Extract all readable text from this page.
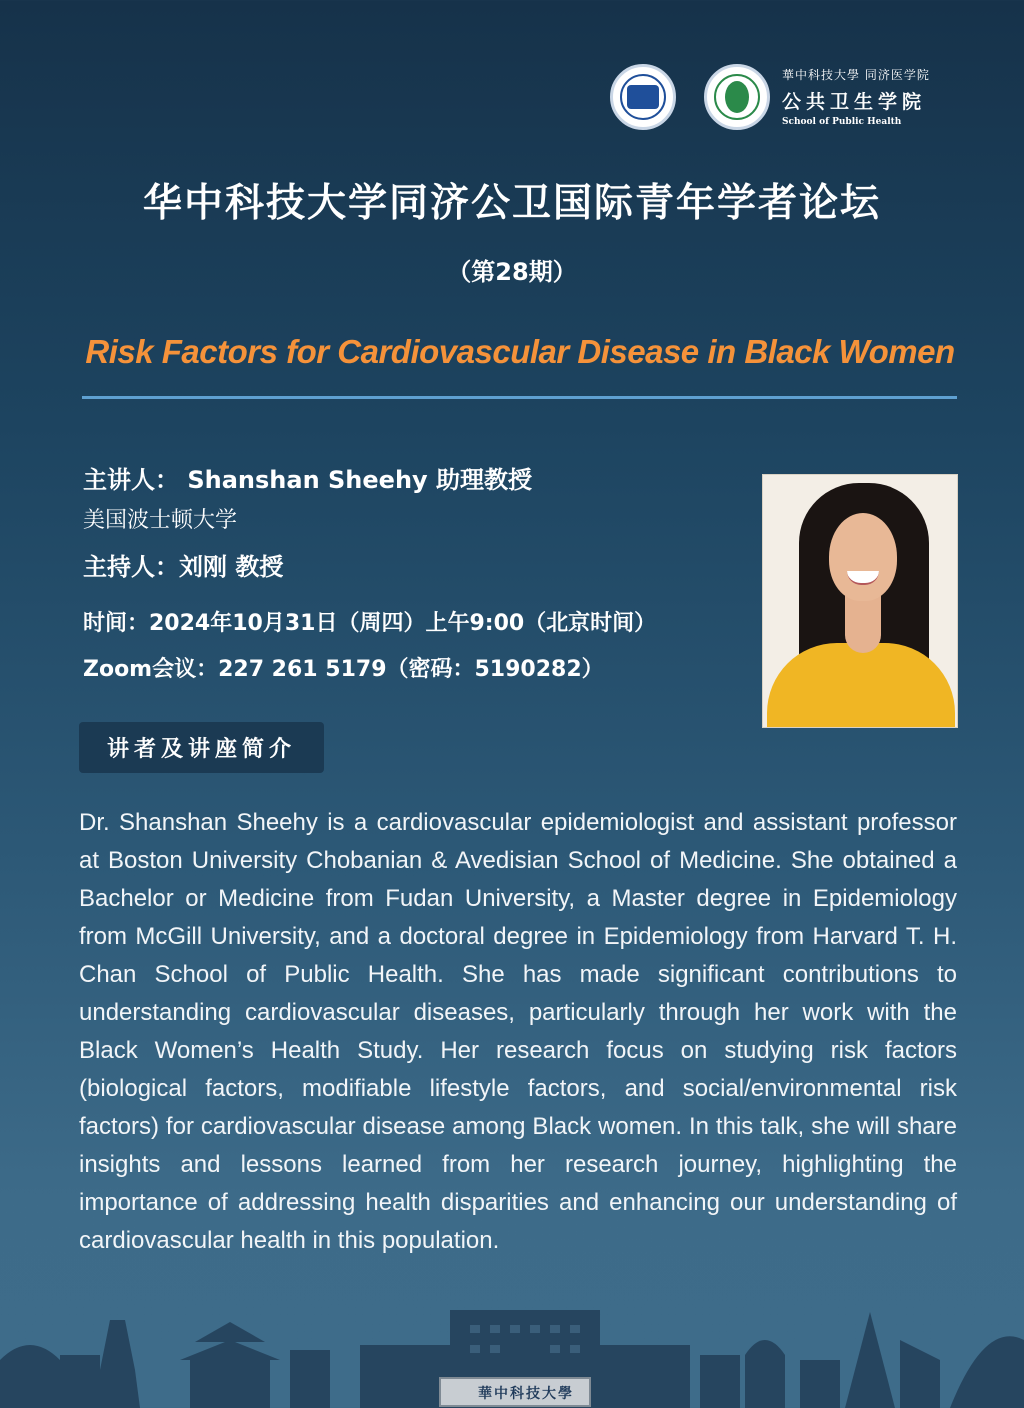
華中科技大學 同济医学院
公共卫生学院
School of Public Health
华中科技大学同济公卫国际青年学者论坛
（第28期）
Risk Factors for Cardiovascular Disease in Black Women
主讲人： Shanshan Sheehy 助理教授
美国波士顿大学
主持人：刘刚 教授
时间：2024年10月31日（周四）上午9:00（北京时间）
Zoom会议：227 261 5179（密码：5190282）
讲者及讲座简介
Dr. Shanshan Sheehy is a cardiovascular epidemiologist and assistant professor at Boston University Chobanian & Avedisian School of Medicine. She obtained a Bachelor or Medicine from Fudan University, a Master degree in Epidemiology from McGill University, and a doctoral degree in Epidemiology from Harvard T. H. Chan School of Public Health. She has made significant contributions to understanding cardiovascular diseases, particularly through her work with the Black Women’s Health Study. Her research focus on studying risk factors (biological factors, modifiable lifestyle factors, and social/environmental risk factors) for cardiovascular disease among Black women. In this talk, she will share insights and lessons learned from her research journey, highlighting the importance of addressing health disparities and enhancing our understanding of cardiovascular health in this population.
華中科技大學
